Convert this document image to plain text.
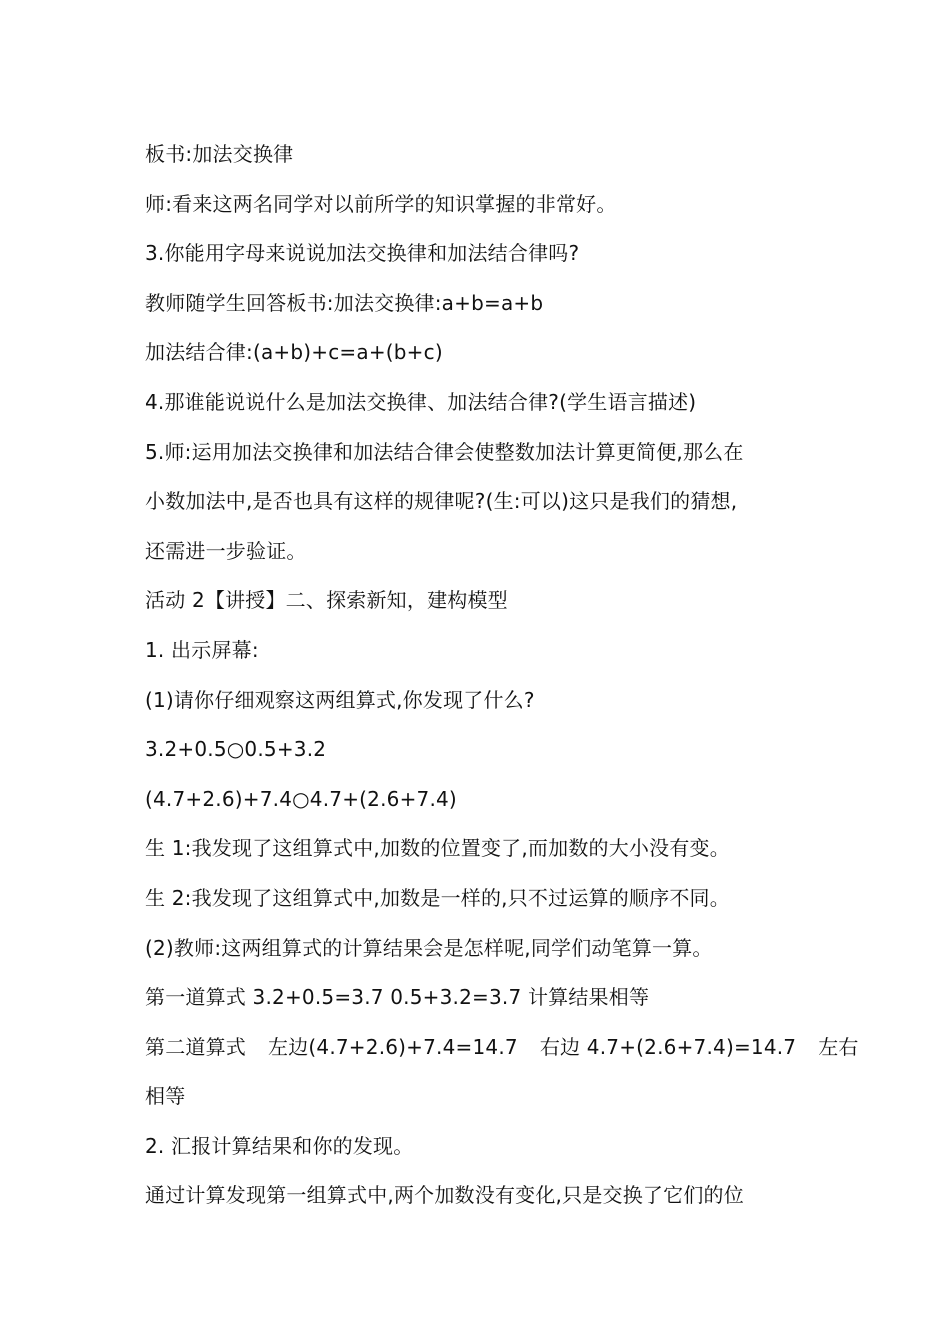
板书:加法交换律
师:看来这两名同学对以前所学的知识掌握的非常好。
3.你能用字母来说说加法交换律和加法结合律吗?
教师随学生回答板书:加法交换律:a+b=a+b
加法结合律:(a+b)+c=a+(b+c)
4.那谁能说说什么是加法交换律、加法结合律?(学生语言描述)
5.师:运用加法交换律和加法结合律会使整数加法计算更简便,那么在
小数加法中,是否也具有这样的规律呢?(生:可以)这只是我们的猜想,
还需进一步验证。
活动 2【讲授】二、探索新知，建构模型
1. 出示屏幕:
(1)请你仔细观察这两组算式,你发现了什么?
3.2+0.5○0.5+3.2
(4.7+2.6)+7.4○4.7+(2.6+7.4)
生 1:我发现了这组算式中,加数的位置变了,而加数的大小没有变。
生 2:我发现了这组算式中,加数是一样的,只不过运算的顺序不同。
(2)教师:这两组算式的计算结果会是怎样呢,同学们动笔算一算。
第一道算式 3.2+0.5=3.7 0.5+3.2=3.7 计算结果相等
第二道算式 左边(4.7+2.6)+7.4=14.7 右边 4.7+(2.6+7.4)=14.7 左右
相等
2. 汇报计算结果和你的发现。
通过计算发现第一组算式中,两个加数没有变化,只是交换了它们的位
